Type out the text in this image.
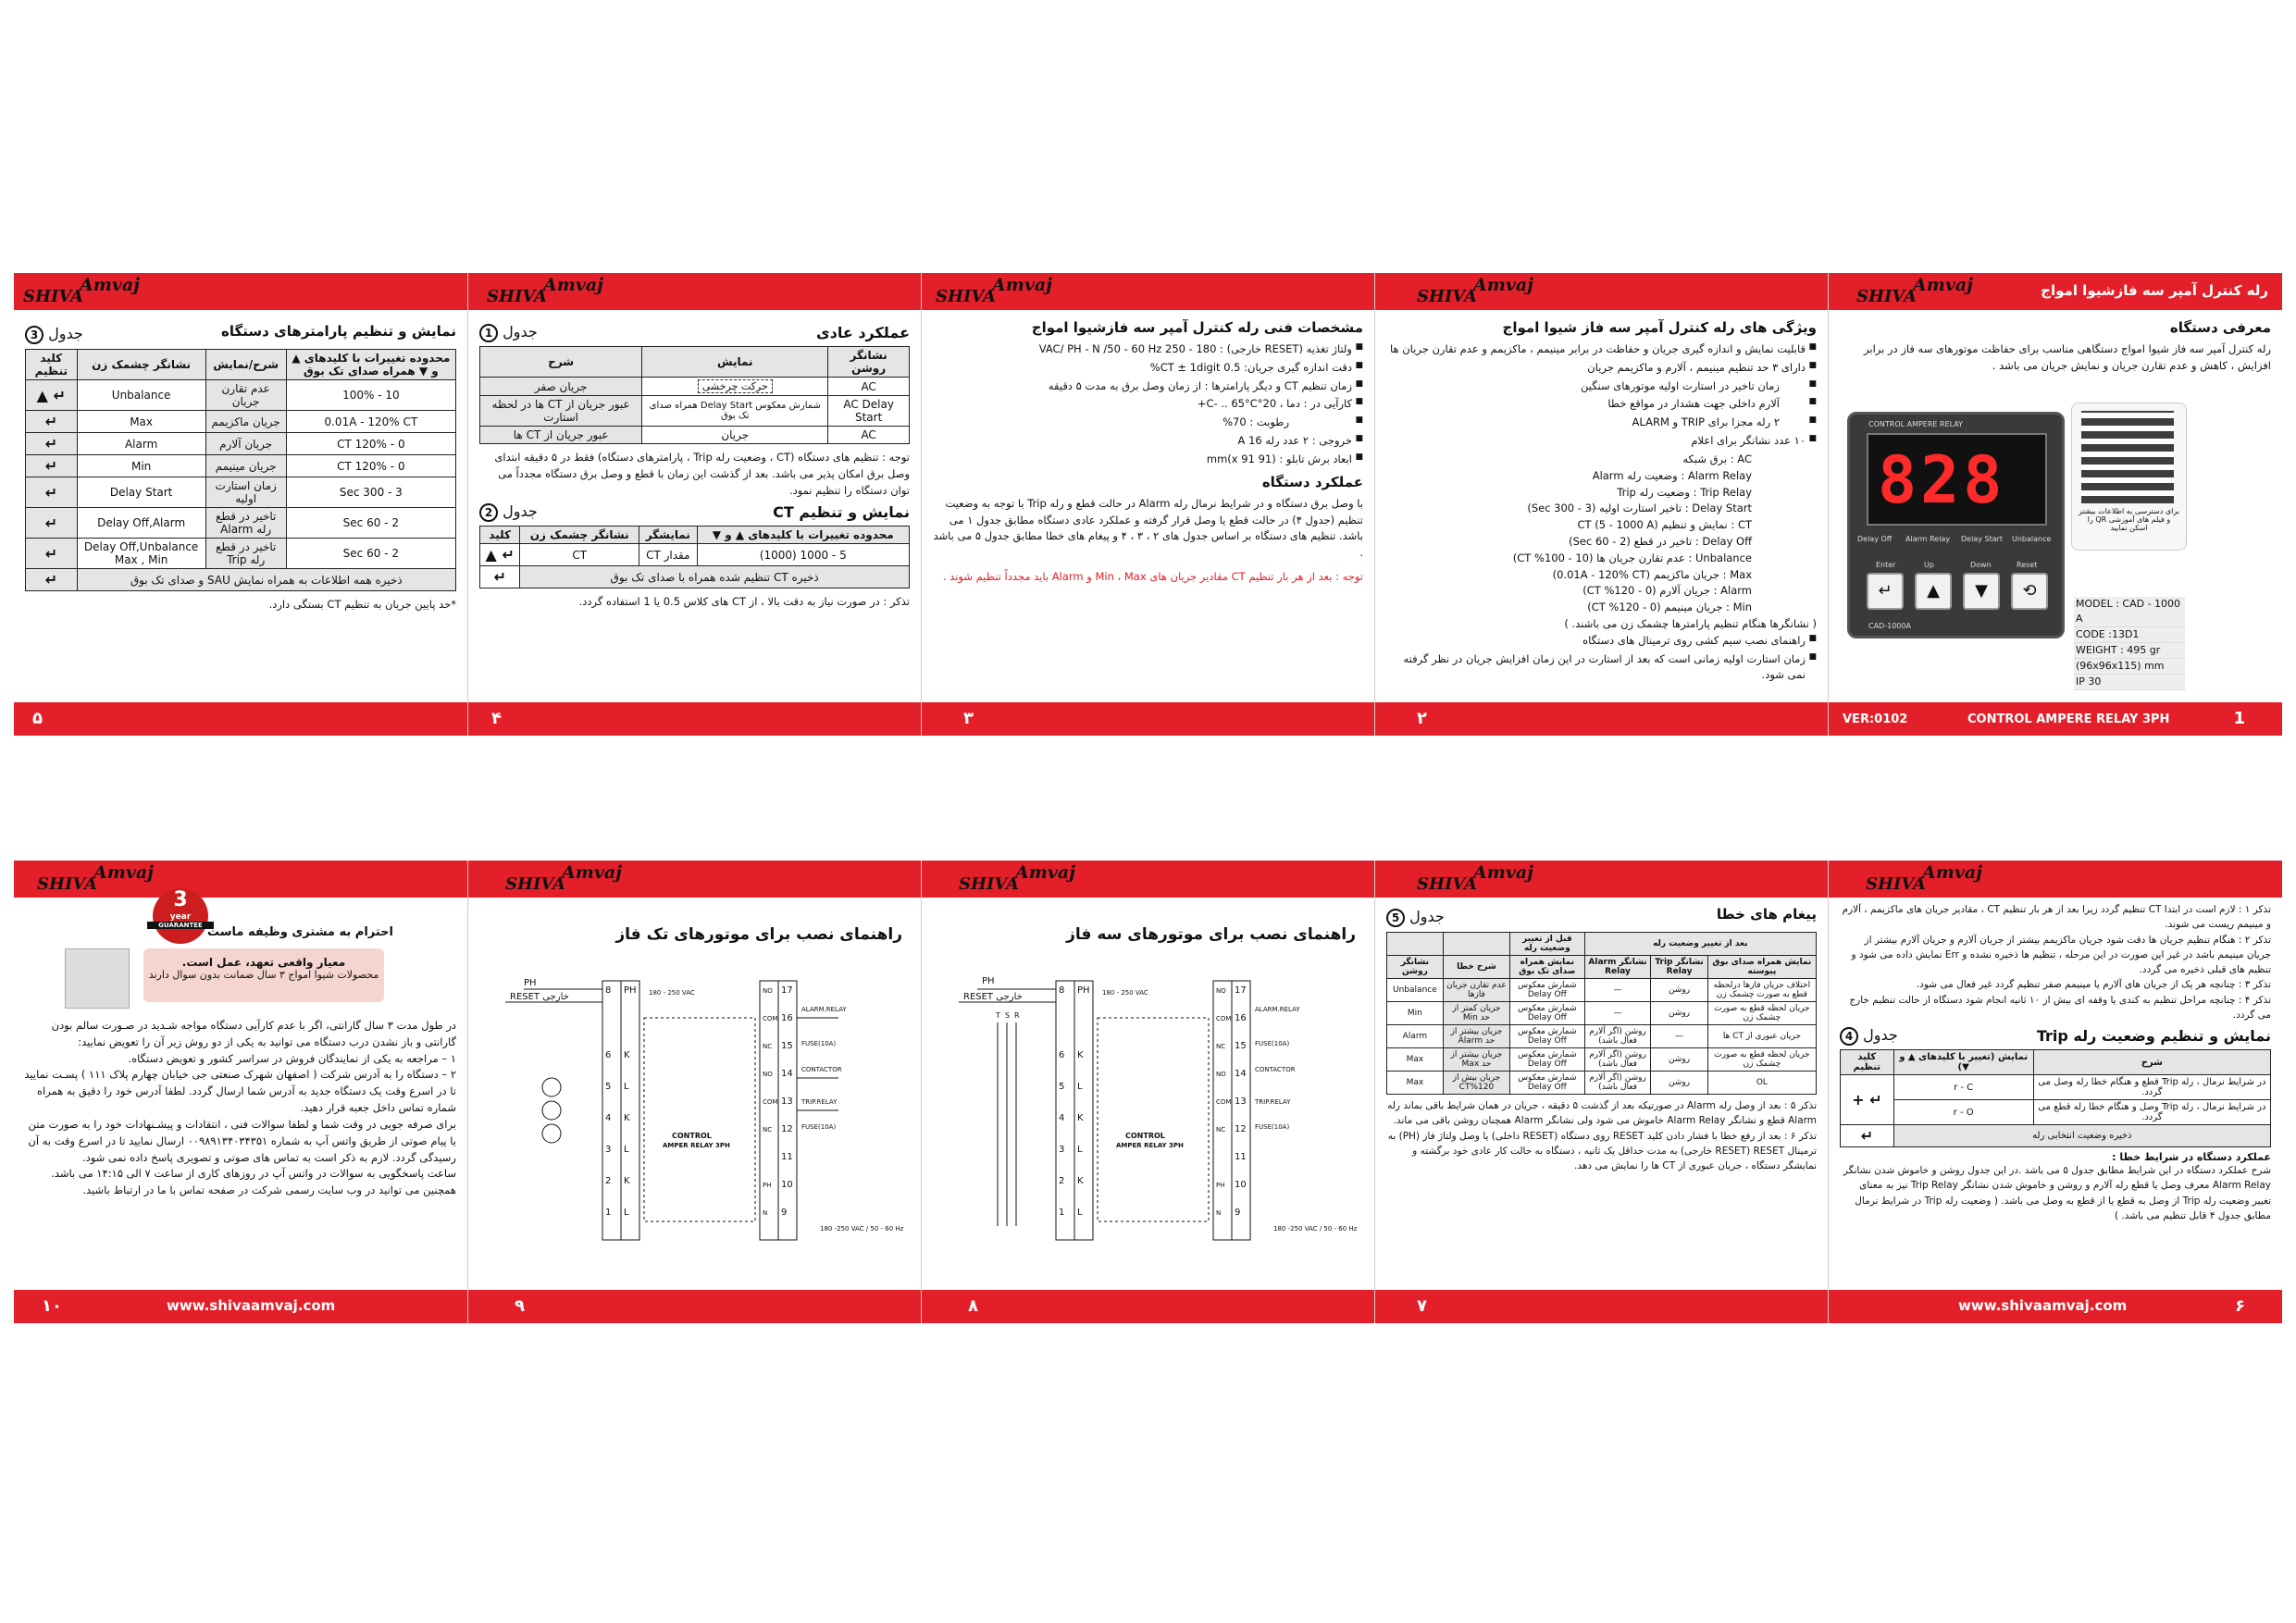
SHIVAAmvaj
نمایش و تنظیم پارامترهای دستگاه
جدول 3
محدوده تغییرات با کلیدهای ▲ و ▼ همراه صدای تک بوق	شرح/نمایش	نشانگر چشمک زن	کلید تنظیم
10 - 100%	عدم تقارن جریان	Unbalance	↵ ▲
0.01A - 120% CT	جریان ماکزیمم	Max	↵
0 - 120% CT	جریان آلارم	Alarm	↵
0 - 120% CT	جریان مینیمم	Min	↵
3 - 300 Sec	زمان استارت اولیه	Delay Start	↵
2 - 60 Sec	تاخیر در قطع رله Alarm	Delay Off,Alarm	↵
2 - 60 Sec	تاخیر در قطع رله Trip	Delay Off,Unbalance Max , Min	↵
ذخیره همه اطلاعات به همراه نمایش SAU و صدای تک بوق			↵
*حد پایین جریان به تنظیم CT بستگی دارد.
۵
SHIVAAmvaj
عملکرد عادی
جدول 1
نشانگر روشن	نمایش	شرح
AC	حرکت چرخشی	جریان صفر
AC Delay Start	شمارش معکوس Delay Start همراه صدای تک بوق	عبور جریان از CT ها در لحظه استارت
AC	جریان	عبور جریان از CT ها
توجه : تنظیم های دستگاه (CT ، وضعیت رله Trip ، پارامترهای دستگاه) فقط در ۵ دقیقه ابتدای وصل برق امکان پذیر می باشد. بعد از گذشت این زمان با قطع و وصل برق دستگاه مجدداً می توان دستگاه را تنظیم نمود.
نمایش و تنظیم CT
جدول 2
محدوده تغییرات با کلیدهای ▲ و ▼	نمایشگر	نشانگر چشمک زن	کلید
5 - 1000 (1000)	مقدار CT	CT	↵ ▲
ذخیره CT تنظیم شده همراه با صدای تک بوق			↵
تذکر : در صورت نیاز به دقت بالا ، از CT های کلاس 0.5 یا 1 استفاده گردد.
۴
SHIVAAmvaj
مشخصات فنی رله کنترل آمپر سه فازشیوا امواج
■ ولتاژ تغذیه (RESET خارجی) : 180 - 250 VAC/ PH - N /50 - 60 Hz
■ دقت اندازه گیری جریان: 0.5 CT ± 1digit%
■ زمان تنظیم CT و دیگر پارامترها : از زمان وصل برق به مدت ۵ دقیقه
■ کارآیی در : دما ، 20°C- .. 65°C+
■ رطوبت : 70%
■ خروجی : ۲ عدد رله 16 A
■ ابعاد برش تابلو : (91 x 91)mm
عملکرد دستگاه
با وصل برق دستگاه و در شرایط نرمال رله Alarm در حالت قطع و رله Trip با توجه به وضعیت تنظیم (جدول ۴) در حالت قطع یا وصل قرار گرفته و عملکرد عادی دستگاه مطابق جدول ۱ می باشد. تنظیم های دستگاه بر اساس جدول های ۲ ، ۳ ، ۴ و پیغام های خطا مطابق جدول ۵ می باشد .
توجه : بعد از هر بار تنظیم CT مقادیر جریان های Min ، Max و Alarm باید مجدداً تنظیم شوند .
۳
SHIVAAmvaj
ویژگی های رله کنترل آمپر سه فاز شیوا امواج
■ قابلیت نمایش و اندازه گیری جریان و حفاظت در برابر مینیمم ، ماکزیمم و عدم تقارن جریان ها
■ دارای ۳ حد تنظیم مینیمم ، آلارم و ماکزیمم جریان
■ زمان تاخیر در استارت اولیه موتورهای سنگین
■ آلارم داخلی جهت هشدار در مواقع خطا
■ ۲ رله مجزا برای TRIP و ALARM
■ ۱۰ عدد نشانگر برای اعلام
AC : برق شبکه
Alarm Relay : وضعیت رله Alarm
Trip Relay : وضعیت رله Trip
Delay Start : تاخیر استارت اولیه (3 - 300 Sec)
CT : نمایش و تنظیم CT (5 - 1000 A)
Delay Off : تاخیر در قطع (2 - 60 Sec)
Unbalance : عدم تقارن جریان ها (10 - 100% CT)
Max : جریان ماکزیمم (0.01A - 120% CT)
Alarm : جریان آلارم (0 - 120% CT)
Min : جریان مینیمم (0 - 120% CT)
( نشانگرها هنگام تنظیم پارامترها چشمک زن می باشند. )
■ راهنمای نصب سیم کشی روی ترمینال های دستگاه
■ زمان استارت اولیه زمانی است که بعد از استارت در این زمان افزایش جریان در نظر گرفته نمی شود.
۲
SHIVAAmvaj	رله کنترل آمپر سه فازشیوا امواج
معرفی دستگاه
رله کنترل آمپر سه فاز شیوا امواج دستگاهی مناسب برای حفاظت موتورهای سه فاز در برابر افزایش ، کاهش و عدم تقارن جریان و نمایش جریان می باشد .
CONTROL AMPERE RELAY
828
Delay Off Alarm Relay Delay Start Unbalance
Enter	Up	Down	Reset
↵	▲	▼	⟲
CAD-1000A
برای دسترسی به اطلاعات بیشتر و فیلم های آموزشی QR را اسکن نمایید
MODEL : CAD - 1000 A
CODE :13D1
WEIGHT : 495 gr
(96x96x115) mm
IP 30
VER:0102	CONTROL AMPERE RELAY 3PH	1
SHIVAAmvaj
3
year
GUARANTEE احترام به مشتری وظیفه ماست
معیار واقعی تعهد، عمل است.
محصولات شیوا امواج ۳ سال ضمانت بدون سوال دارند

در طول مدت ۳ سال گارانتی، اگر با عدم کارآیی دستگاه مواجه شـدید در صـورت سالم بودن گارانتی و باز نشدن درب دستگاه می توانید به یکی از دو روش زیر آن را تعویض نمایید:

۱ – مراجعه به یکی از نمایندگان فروش در سراسر کشور و تعویض دستگاه.

۲ – دستگاه را به آدرس شرکت ( اصفهان شهرک صنعتی جی خیابان چهارم پلاک ۱۱۱ ) پسـت نمایید تا در اسرع وقت یک دستگاه جدید به آدرس شما ارسال گردد. لطفا آدرس خود را دقیق به همراه شماره تماس داخل جعبه قرار دهید.

برای صرفه جویی در وقت شما و لطفا سوالات فنی ، انتقادات و پیشـنهادات خود را به صورت متن یا پیام صوتی از طریق واتس آپ به شماره ۰۰۹۸۹۱۳۴۰۳۴۳۵۱ ارسال نمایید تا در اسرع وقت به آن رسیدگی گردد. لازم به ذکر است به تماس های صوتی و تصویری پاسخ داده نمی شود.

ساعت پاسخگویی به سوالات در واتس آپ در روزهای کاری از ساعت ۷ الی ۱۴:۱۵ می باشد.

همچنین می توانید در وب سایت رسمی شرکت در صفحه تماس با ما در ارتباط باشید.

۱۰	www.shivaamvaj.com
SHIVAAmvaj
راهنمای نصب برای موتورهای تک فاز
PH
RESET خارجی
8 PH
6 K
5 L
4 K
3 L
2 K
1 L
180 - 250 VAC
CONTROL
AMPER RELAY 3PH
17
NO
16
COM
15
NC
14
NO
13
COM
12
NC
11
10
PH
9
N
ALARM.RELAY
CONTACTOR
TRIP.RELAY
FUSE(10A)
FUSE(10A)
180 -250 VAC / 50 - 60 Hz
۹
SHIVAAmvaj
راهنمای نصب برای موتورهای سه فاز
PH
RESET خارجی
T S R
8 PH
6 K
5 L
4 K
3 L
2 K
1 L
180 - 250 VAC
CONTROL
AMPER RELAY 3PH
17
NO
16
COM
15
NC
14
NO
13
COM
12
NC
11
10
PH
9
N
ALARM.RELAY
CONTACTOR
TRIP.RELAY
FUSE(10A)
FUSE(10A)
180 -250 VAC / 50 - 60 Hz
۸
SHIVAAmvaj
پیغام های خطا
جدول 5
بعد از تغییر وضعیت رله			قبل از تغییر وضعیت رله		
نمایش همراه صدای بوق پیوسته	نشانگر Trip Relay	نشانگر Alarm Relay	نمایش همراه صدای تک بوق	شرح خطا	نشانگر روشن
اختلاف جریان فازها درلحظه قطع به صورت چشمک زن	روشن	—	شمارش معکوس Delay Off	عدم تقارن جریان فازها	Unbalance
جریان لحظه قطع به صورت چشمک زن	روشن	—	شمارش معکوس Delay Off	جریان کمتر از حد Min	Min
جریان عبوری از CT ها	—	روشن (اگر آلارم فعال باشد)	شمارش معکوس Delay Off	جریان بیشتر از حد Alarm	Alarm
جریان لحظه قطع به صورت چشمک زن	روشن	روشن (اگر آلارم فعال باشد)	شمارش معکوس Delay Off	جریان بیشتر از حد Max	Max
OL	روشن	روشن (اگر آلارم فعال باشد)	شمارش معکوس Delay Off	جریان بیش از 120%CT	Max
تذکر ۵ : بعد از وصل رله Alarm در صورتیکه بعد از گذشت ۵ دقیقه ، جریان در همان شرایط باقی بماند رله Alarm قطع و نشانگر Alarm Relay خاموش می شود ولی نشانگر Alarm همچنان روشن باقی می ماند.
تذکر ۶ : بعد از رفع خطا با فشار دادن کلید RESET روی دستگاه (RESET داخلی) یا وصل ولتاژ فاز (PH) به ترمینال RESET (RESET خارجی) به مدت حداقل یک ثانیه ، دستگاه به حالت کار عادی خود برگشته و نمایشگر دستگاه ، جریان عبوری از CT ها را نمایش می دهد.
۷
SHIVAAmvaj
تذکر ۱ : لازم است در ابتدا CT تنظیم گردد زیرا بعد از هر بار تنظیم CT ، مقادیر جریان های ماکزیمم ، آلارم و مینیمم ریست می شوند.
تذکر ۲ : هنگام تنظیم جریان ها دقت شود جریان ماکزیمم بیشتر از جریان آلارم و جریان آلارم بیشتر از جریان مینیمم باشد در غیر این صورت در این مرحله ، تنظیم ها ذخیره نشده و Err نمایش داده می شود و تنظیم های قبلی ذخیره می گردد.
تذکر ۳ : چنانچه هر یک از جریان های آلارم یا مینیمم صفر تنظیم گردد غیر فعال می شود.
تذکر ۴ : چنانچه مراحل تنظیم به کندی یا وقفه ای بیش از ۱۰ ثانیه انجام شود دستگاه از حالت تنظیم خارج می گردد.
نمایش و تنظیم وضعیت رله Trip
جدول 4
شرح	نمایش (تغییر با کلیدهای ▲ و ▼)	کلید تنظیم
در شرایط نرمال ، رله Trip قطع و هنگام خطا رله وصل می گردد.	r - C	↵ +
در شرایط نرمال ، رله Trip وصل و هنگام خطا رله قطع می گردد.	r - O	
ذخیره وضعیت انتخابی رله		↵
عملکرد دستگاه در شرایط خطا :
شرح عملکرد دستگاه در این شرایط مطابق جدول ۵ می باشد .در این جدول روشن و خاموش شدن نشانگر Alarm Relay معرف وصل یا قطع رله آلارم و روشن و خاموش شدن نشانگر Trip Relay نیز به معنای تغییر وضعیت رله Trip از وصل به قطع یا از قطع به وصل می باشد. ( وضعیت رله Trip در شرایط نرمال مطابق جدول ۴ قابل تنظیم می باشد. )
www.shivaamvaj.com	۶
